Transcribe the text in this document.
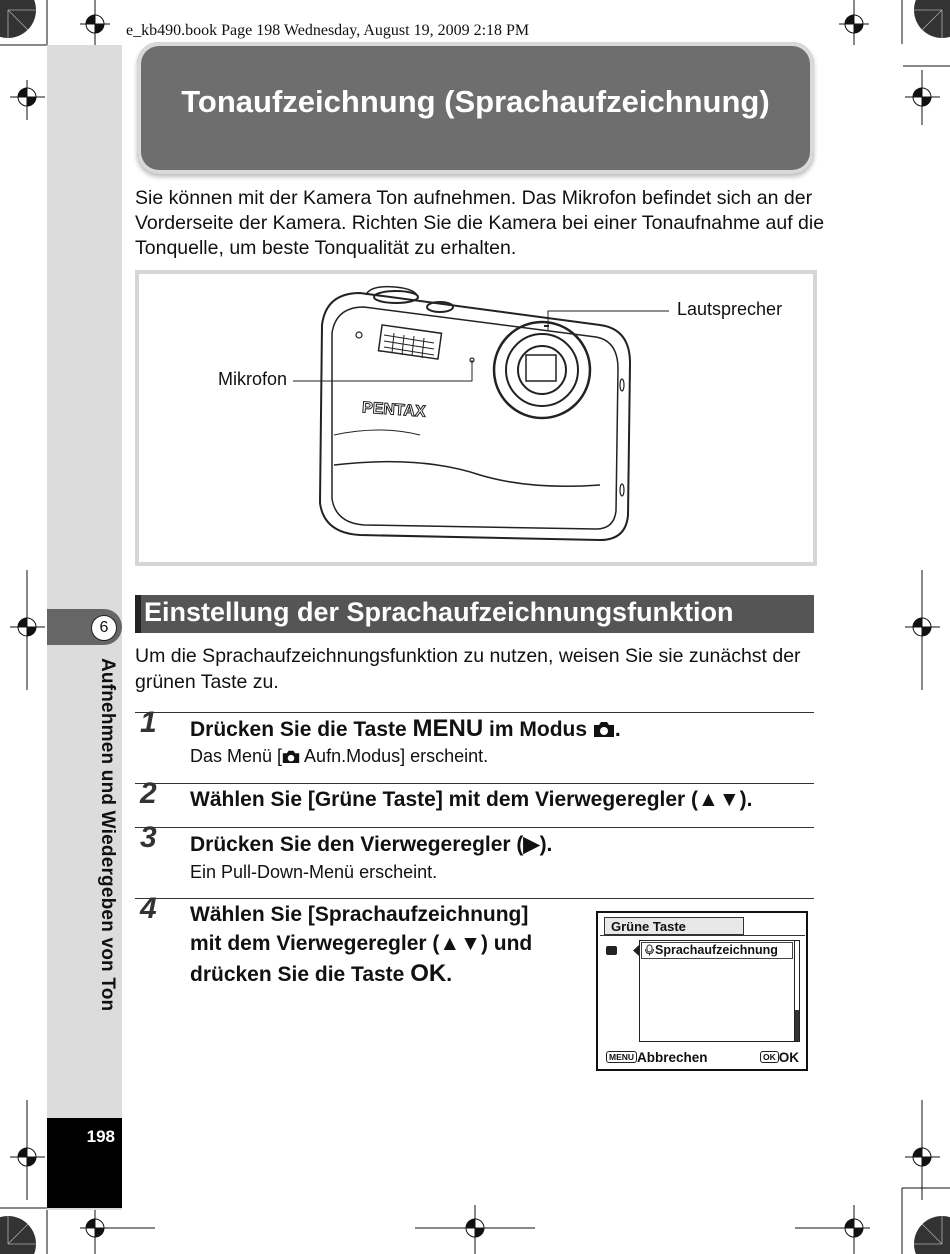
e_kb490.book Page 198 Wednesday, August 19, 2009 2:18 PM
6
Aufnehmen und Wiedergeben von Ton
198
Tonaufzeichnung (Sprachaufzeichnung)
Sie können mit der Kamera Ton aufnehmen. Das Mikrofon befindet sich an der Vorderseite der Kamera. Richten Sie die Kamera bei einer Tonaufnahme auf die Tonquelle, um beste Tonqualität zu erhalten.
PENTAX
Lautsprecher
Mikrofon
Einstellung der Sprachaufzeichnungsfunktion
Um die Sprachaufzeichnungsfunktion zu nutzen, weisen Sie sie zunächst der grünen Taste zu.
1 Drücken Sie die Taste MENU im Modus .
Das Menü [ Aufn.Modus] erscheint.
2 Wählen Sie [Grüne Taste] mit dem Vierwegeregler (▲▼).
3 Drücken Sie den Vierwegeregler (▶).
Ein Pull-Down-Menü erscheint.
4 Wählen Sie [Sprachaufzeichnung]
mit dem Vierwegeregler (▲▼) und
drücken Sie die Taste OK.
Grüne Taste
Sprachaufzeichnung
MENU Abbrechen	OK OK
